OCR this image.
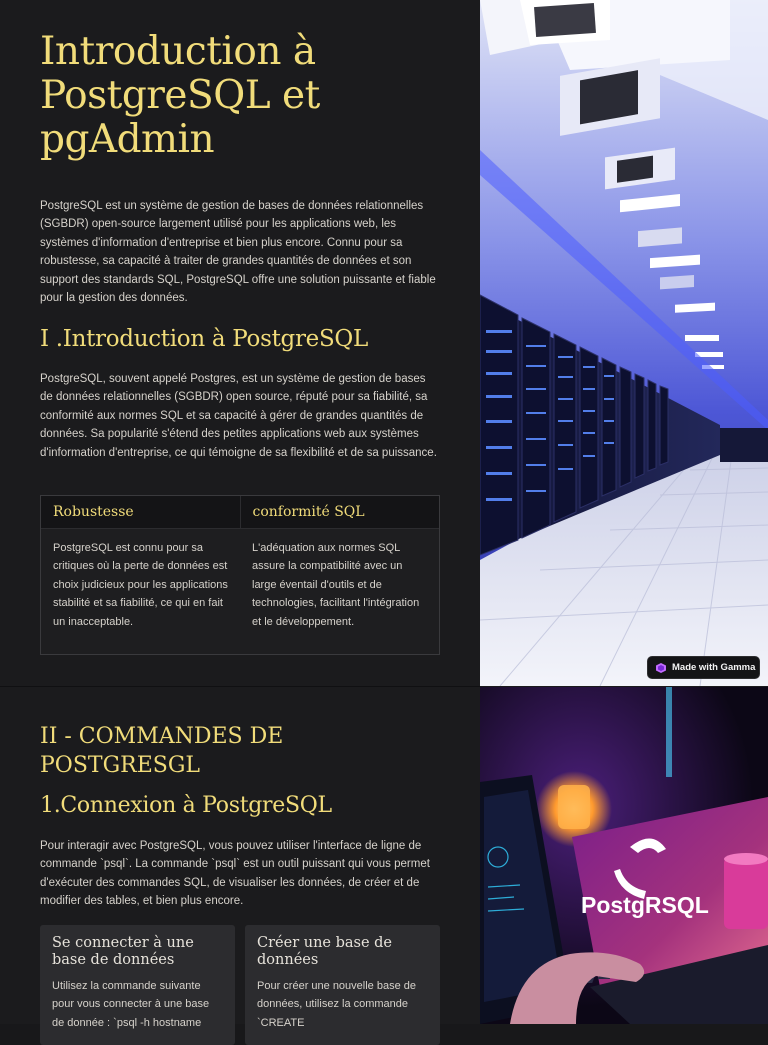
Introduction à PostgreSQL et pgAdmin

PostgreSQL est un système de gestion de bases de données relationnelles (SGBDR) open-source largement utilisé pour les applications web, les systèmes d'information d'entreprise et bien plus encore. Connu pour sa robustesse, sa capacité à traiter de grandes quantités de données et son support des standards SQL, PostgreSQL offre une solution puissante et fiable pour la gestion des données.

I .Introduction à PostgreSQL

PostgreSQL, souvent appelé Postgres, est un système de gestion de bases de données relationnelles (SGBDR) open source, réputé pour sa fiabilité, sa conformité aux normes SQL et sa capacité à gérer de grandes quantités de données. Sa popularité s'étend des petites applications web aux systèmes d'information d'entreprise, ce qui témoigne de sa flexibilité et de sa puissance.

Robustesse	conformité SQL
PostgreSQL est connu pour sa critiques où la perte de données est choix judicieux pour les applications stabilité et sa fiabilité, ce qui en fait un inacceptable.
L'adéquation aux normes SQL assure la compatibilité avec un large éventail d'outils et de technologies, facilitant l'intégration et le développement.
Made with Gamma
II - COMMANDES DE POSTGRESGL
1.Connexion à PostgreSQL

Pour interagir avec PostgreSQL, vous pouvez utiliser l'interface de ligne de commande `psql`. La commande `psql` est un outil puissant qui vous permet d'exécuter des commandes SQL, de visualiser les données, de créer et de modifier des tables, et bien plus encore.

Se connecter à une base de données

Utilisez la commande suivante pour vous connecter à une base de donnée : `psql -h hostname

Créer une base de données

Pour créer une nouvelle base de données, utilisez la commande `CREATE

PostgRSQL
